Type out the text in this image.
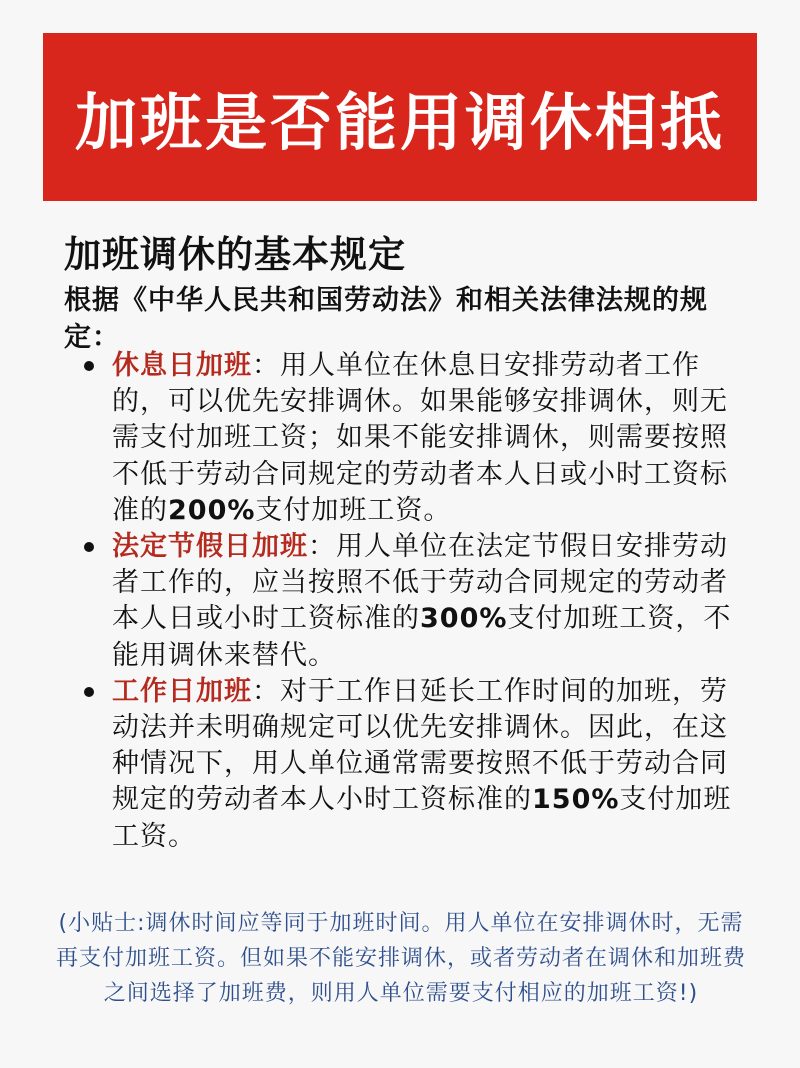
加班是否能用调休相抵
加班调休的基本规定
根据《中华人民共和国劳动法》和相关法律法规的规定：
休息日加班：用人单位在休息日安排劳动者工作的，可以优先安排调休。如果能够安排调休，则无需支付加班工资；如果不能安排调休，则需要按照不低于劳动合同规定的劳动者本人日或小时工资标准的200%支付加班工资。
法定节假日加班：用人单位在法定节假日安排劳动者工作的，应当按照不低于劳动合同规定的劳动者本人日或小时工资标准的300%支付加班工资，不能用调休来替代。
工作日加班：对于工作日延长工作时间的加班，劳动法并未明确规定可以优先安排调休。因此，在这种情况下，用人单位通常需要按照不低于劳动合同规定的劳动者本人小时工资标准的150%支付加班工资。
(小贴士:调休时间应等同于加班时间。用人单位在安排调休时，无需再支付加班工资。但如果不能安排调休，或者劳动者在调休和加班费之间选择了加班费，则用人单位需要支付相应的加班工资!)
